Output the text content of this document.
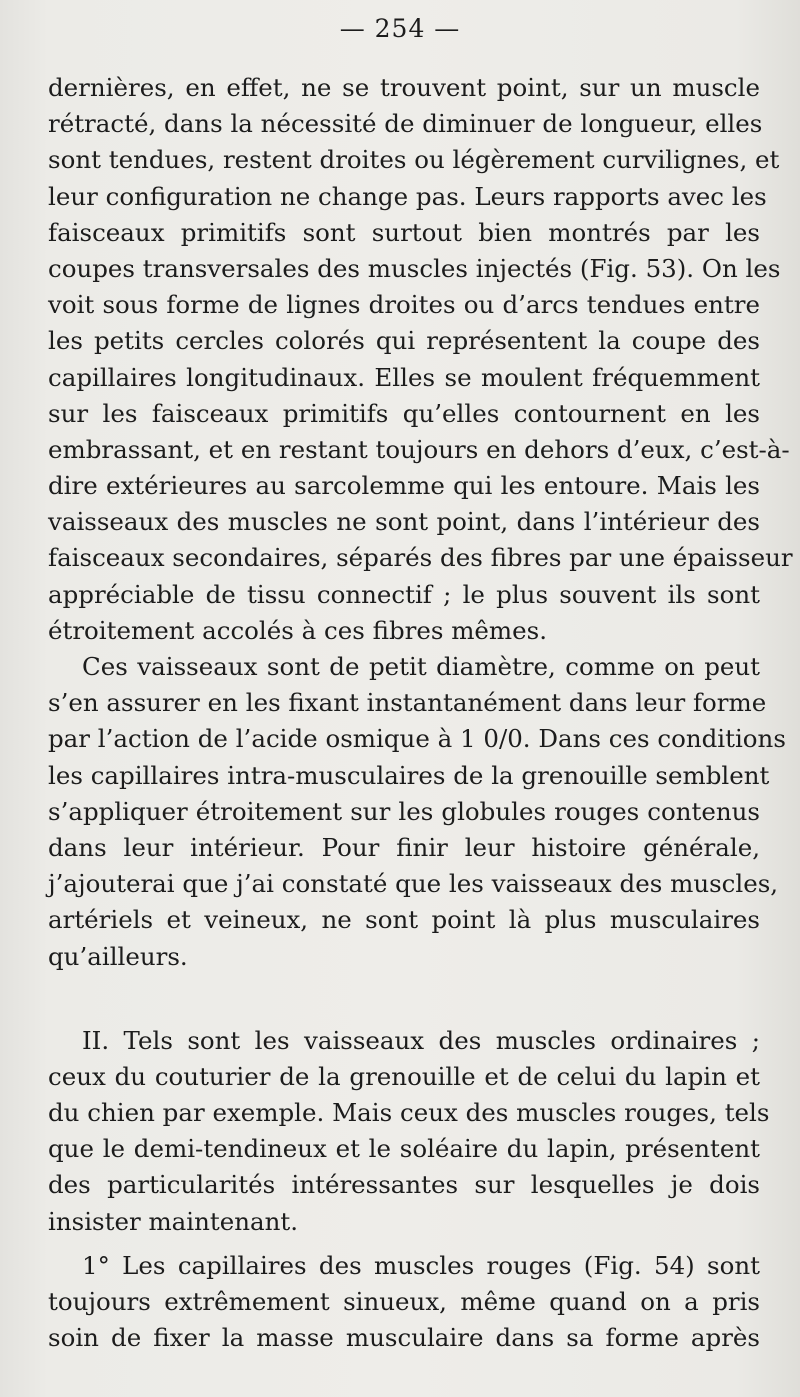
— 254 —
dernières, en effet, ne se trouvent point, sur un muscle
rétracté, dans la nécessité de diminuer de longueur, elles
sont tendues, restent droites ou légèrement curvilignes, et
leur configuration ne change pas. Leurs rapports avec les
faisceaux primitifs sont surtout bien montrés par les
coupes transversales des muscles injectés (Fig. 53). On les
voit sous forme de lignes droites ou d’arcs tendues entre
les petits cercles colorés qui représentent la coupe des
capillaires longitudinaux. Elles se moulent fréquemment
sur les faisceaux primitifs qu’elles contournent en les
embrassant, et en restant toujours en dehors d’eux, c’est-à-
dire extérieures au sarcolemme qui les entoure. Mais les
vaisseaux des muscles ne sont point, dans l’intérieur des
faisceaux secondaires, séparés des fibres par une épaisseur
appréciable de tissu connectif ; le plus souvent ils sont
étroitement accolés à ces fibres mêmes.
Ces vaisseaux sont de petit diamètre, comme on peut
s’en assurer en les fixant instantanément dans leur forme
par l’action de l’acide osmique à 1 0/0. Dans ces conditions
les capillaires intra-musculaires de la grenouille semblent
s’appliquer étroitement sur les globules rouges contenus
dans leur intérieur. Pour finir leur histoire générale,
j’ajouterai que j’ai constaté que les vaisseaux des muscles,
artériels et veineux, ne sont point là plus musculaires
qu’ailleurs.
II. Tels sont les vaisseaux des muscles ordinaires ;
ceux du couturier de la grenouille et de celui du lapin et
du chien par exemple. Mais ceux des muscles rouges, tels
que le demi-tendineux et le soléaire du lapin, présentent
des particularités intéressantes sur lesquelles je dois
insister maintenant.
1° Les capillaires des muscles rouges (Fig. 54) sont
toujours extrêmement sinueux, même quand on a pris
soin de fixer la masse musculaire dans sa forme après
